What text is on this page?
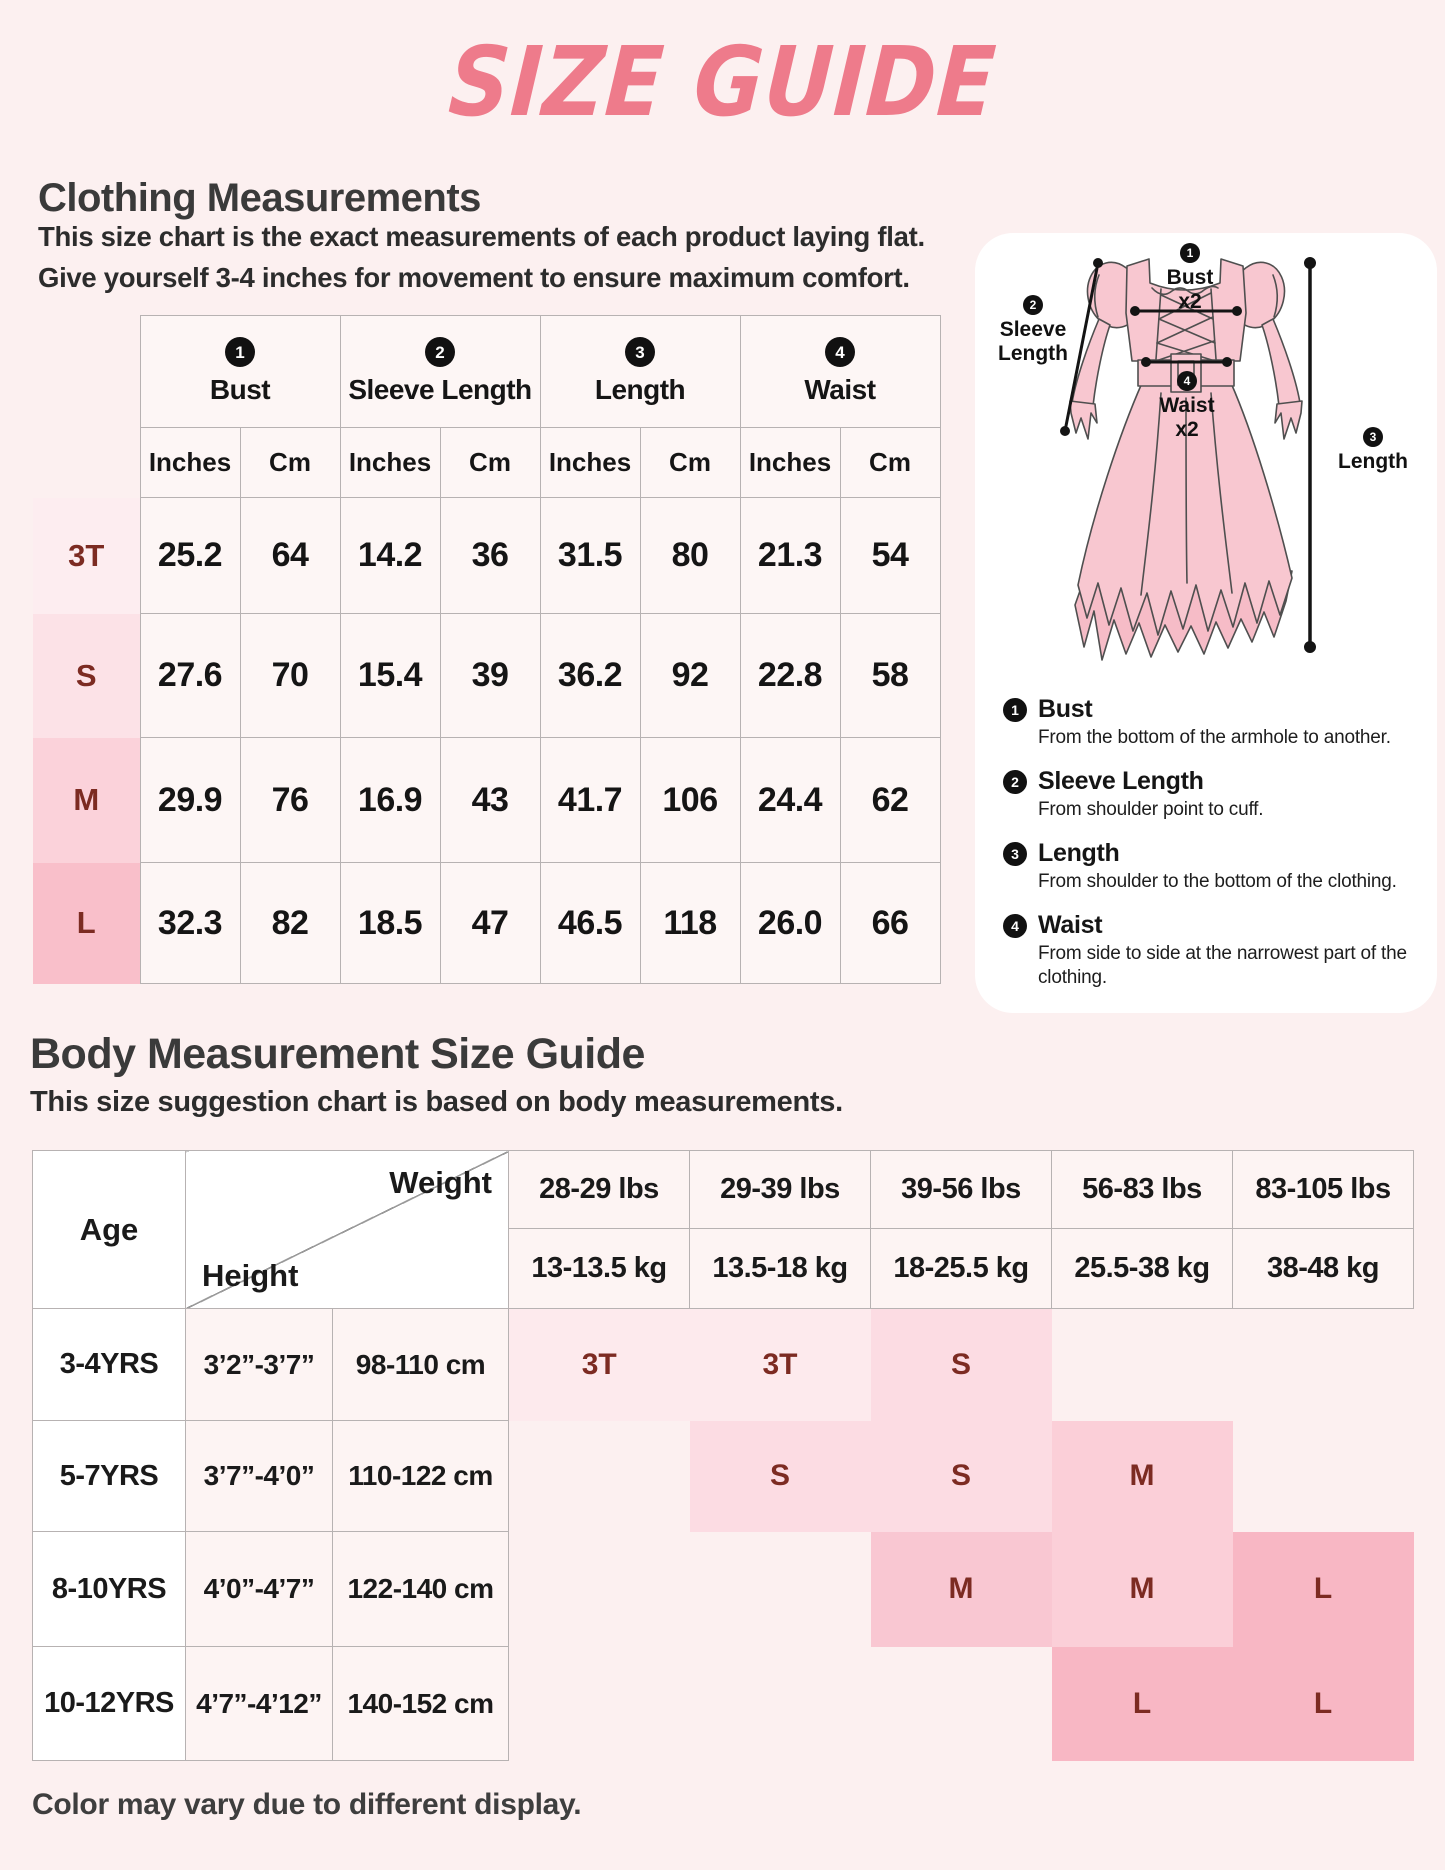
SIZE GUIDE
Clothing Measurements
This size chart is the exact measurements of each product laying flat.
Give yourself 3-4 inches for movement to ensure maximum comfort.

1
Bust		2
Sleeve Length		3
Length		4
Waist	

	Inches	Cm	Inches	Cm	Inches	Cm	Inches	Cm
3T	25.2	64	14.2	36	31.5	80	21.3	54
S	27.6	70	15.4	39	36.2	92	22.8	58
M	29.9	76	16.9	43	41.7	106	24.4	62
L	32.3	82	18.5	47	46.5	118	26.0	66
1
Bust
x2
2
Sleeve
Length
4
Waist
x2	3
Length
1 Bust
From the bottom of the armhole to another.
2 Sleeve Length
From shoulder point to cuff.
3 Length
From shoulder to the bottom of the clothing.
4 Waist
From side to side at the narrowest part of the clothing.
Body Measurement Size Guide
This size suggestion chart is based on body measurements.
Age	Weight
Height		28-29 lbs	29-39 lbs	39-56 lbs	56-83 lbs	83-105 lbs
			13-13.5 kg	13.5-18 kg	18-25.5 kg	25.5-38 kg	38-48 kg
3-4YRS	3’2”-3’7”	98-110 cm	3T	3T	S		
5-7YRS	3’7”-4’0”	110-122 cm		S	S	M	
8-10YRS	4’0”-4’7”	122-140 cm			M	M	L
10-12YRS	4’7”-4’12”	140-152 cm				L	L
Color may vary due to different display.
